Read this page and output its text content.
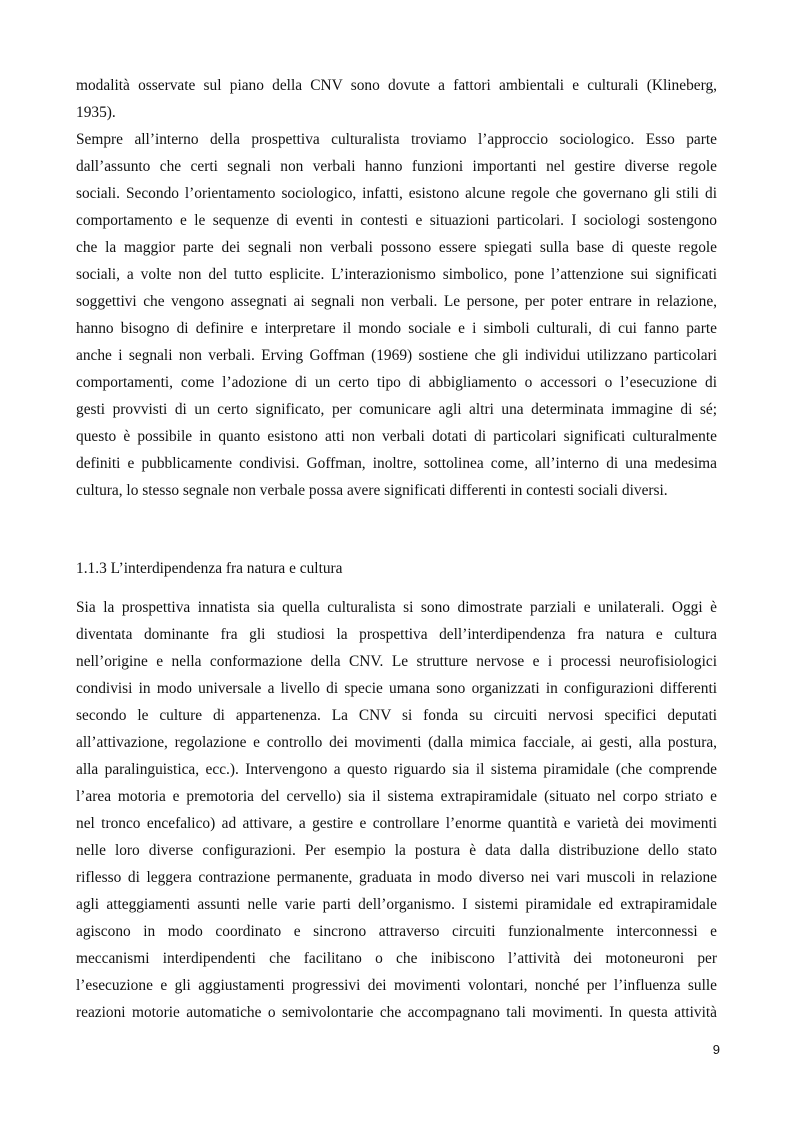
modalità osservate sul piano della CNV sono dovute a fattori ambientali e culturali (Klineberg,
1935).
Sempre all’interno della prospettiva culturalista troviamo l’approccio sociologico. Esso parte
dall’assunto che certi segnali non verbali hanno funzioni importanti nel gestire diverse regole
sociali. Secondo l’orientamento sociologico, infatti, esistono alcune regole che governano gli stili di
comportamento e le sequenze di eventi in contesti e situazioni particolari. I sociologi sostengono
che la maggior parte dei segnali non verbali possono essere spiegati sulla base di queste regole
sociali, a volte non del tutto esplicite. L’interazionismo simbolico, pone l’attenzione sui significati
soggettivi che vengono assegnati ai segnali non verbali. Le persone, per poter entrare in relazione,
hanno bisogno di definire e interpretare il mondo sociale e i simboli culturali, di cui fanno parte
anche i segnali non verbali. Erving Goffman (1969) sostiene che gli individui utilizzano particolari
comportamenti, come l’adozione di un certo tipo di abbigliamento o accessori o l’esecuzione di
gesti provvisti di un certo significato, per comunicare agli altri una determinata immagine di sé;
questo è possibile in quanto esistono atti non verbali dotati di particolari significati culturalmente
definiti e pubblicamente condivisi. Goffman, inoltre, sottolinea come, all’interno di una medesima
cultura, lo stesso segnale non verbale possa avere significati differenti in contesti sociali diversi.
1.1.3 L’interdipendenza fra natura e cultura
Sia la prospettiva innatista sia quella culturalista si sono dimostrate parziali e unilaterali. Oggi è
diventata dominante fra gli studiosi la prospettiva dell’interdipendenza fra natura e cultura
nell’origine e nella conformazione della CNV. Le strutture nervose e i processi neurofisiologici
condivisi in modo universale a livello di specie umana sono organizzati in configurazioni differenti
secondo le culture di appartenenza. La CNV si fonda su circuiti nervosi specifici deputati
all’attivazione, regolazione e controllo dei movimenti (dalla mimica facciale, ai gesti, alla postura,
alla paralinguistica, ecc.). Intervengono a questo riguardo sia il sistema piramidale (che comprende
l’area motoria e premotoria del cervello) sia il sistema extrapiramidale (situato nel corpo striato e
nel tronco encefalico) ad attivare, a gestire e controllare l’enorme quantità e varietà dei movimenti
nelle loro diverse configurazioni. Per esempio la postura è data dalla distribuzione dello stato
riflesso di leggera contrazione permanente, graduata in modo diverso nei vari muscoli in relazione
agli atteggiamenti assunti nelle varie parti dell’organismo. I sistemi piramidale ed extrapiramidale
agiscono in modo coordinato e sincrono attraverso circuiti funzionalmente interconnessi e
meccanismi interdipendenti che facilitano o che inibiscono l’attività dei motoneuroni per
l’esecuzione e gli aggiustamenti progressivi dei movimenti volontari, nonché per l’influenza sulle
reazioni motorie automatiche o semivolontarie che accompagnano tali movimenti. In questa attività
9
